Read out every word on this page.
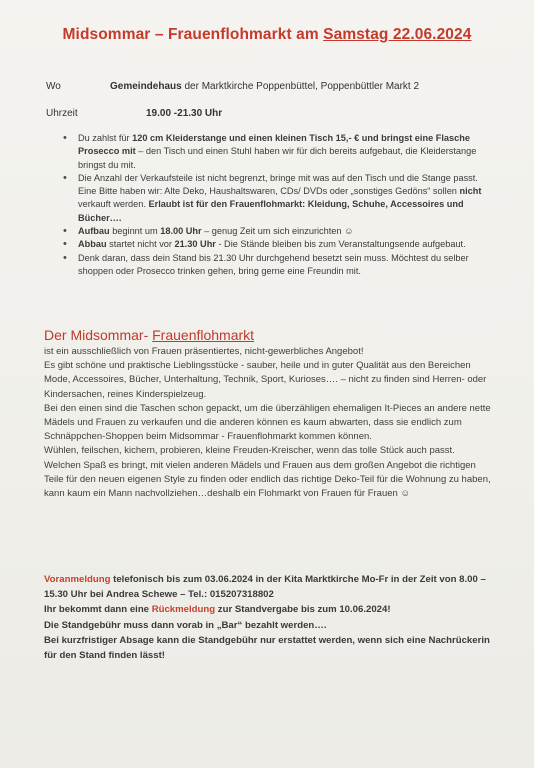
Midsommar – Frauenflohmarkt am Samstag 22.06.2024
Wo	Gemeindehaus der Marktkirche Poppenbüttel, Poppenbüttler Markt 2
Uhrzeit	19.00 -21.30 Uhr
• Du zahlst für 120 cm Kleiderstange und einen kleinen Tisch 15,- € und bringst eine Flasche Prosecco mit – den Tisch und einen Stuhl haben wir für dich bereits aufgebaut, die Kleiderstange bringst du mit.
• Die Anzahl der Verkaufsteile ist nicht begrenzt, bringe mit was auf den Tisch und die Stange passt. Eine Bitte haben wir: Alte Deko, Haushaltswaren, CDs/ DVDs oder „sonstiges Gedöns“ sollen nicht verkauft werden. Erlaubt ist für den Frauenflohmarkt: Kleidung, Schuhe, Accessoires und Bücher….
• Aufbau beginnt um 18.00 Uhr – genug Zeit um sich einzurichten ☺
• Abbau startet nicht vor 21.30 Uhr - Die Stände bleiben bis zum Veranstaltungsende aufgebaut.
• Denk daran, dass dein Stand bis 21.30 Uhr durchgehend besetzt sein muss. Möchtest du selber shoppen oder Prosecco trinken gehen, bring gerne eine Freundin mit.
Der Midsommar- Frauenflohmarkt

ist ein ausschließlich von Frauen präsentiertes, nicht-gewerbliches Angebot!

Es gibt schöne und praktische Lieblingsstücke - sauber, heile und in guter Qualität aus den Bereichen Mode, Accessoires, Bücher, Unterhaltung, Technik, Sport, Kurioses…. – nicht zu finden sind Herren- oder Kindersachen, reines Kinderspielzeug.

Bei den einen sind die Taschen schon gepackt, um die überzähligen ehemaligen It-Pieces an andere nette Mädels und Frauen zu verkaufen und die anderen können es kaum abwarten, dass sie endlich zum Schnäppchen-Shoppen beim Midsommar - Frauenflohmarkt kommen können.

Wühlen, feilschen, kichern, probieren, kleine Freuden-Kreischer, wenn das tolle Stück auch passt.

Welchen Spaß es bringt, mit vielen anderen Mädels und Frauen aus dem großen Angebot die richtigen Teile für den neuen eigenen Style zu finden oder endlich das richtige Deko-Teil für die Wohnung zu haben, kann kaum ein Mann nachvollziehen…deshalb ein Flohmarkt von Frauen für Frauen ☺

Voranmeldung telefonisch bis zum 03.06.2024 in der Kita Marktkirche Mo-Fr in der Zeit von 8.00 – 15.30 Uhr bei Andrea Schewe – Tel.: 015207318802

Ihr bekommt dann eine Rückmeldung zur Standvergabe bis zum 10.06.2024!

Die Standgebühr muss dann vorab in „Bar“ bezahlt werden….

Bei kurzfristiger Absage kann die Standgebühr nur erstattet werden, wenn sich eine Nachrückerin für den Stand finden lässt!
